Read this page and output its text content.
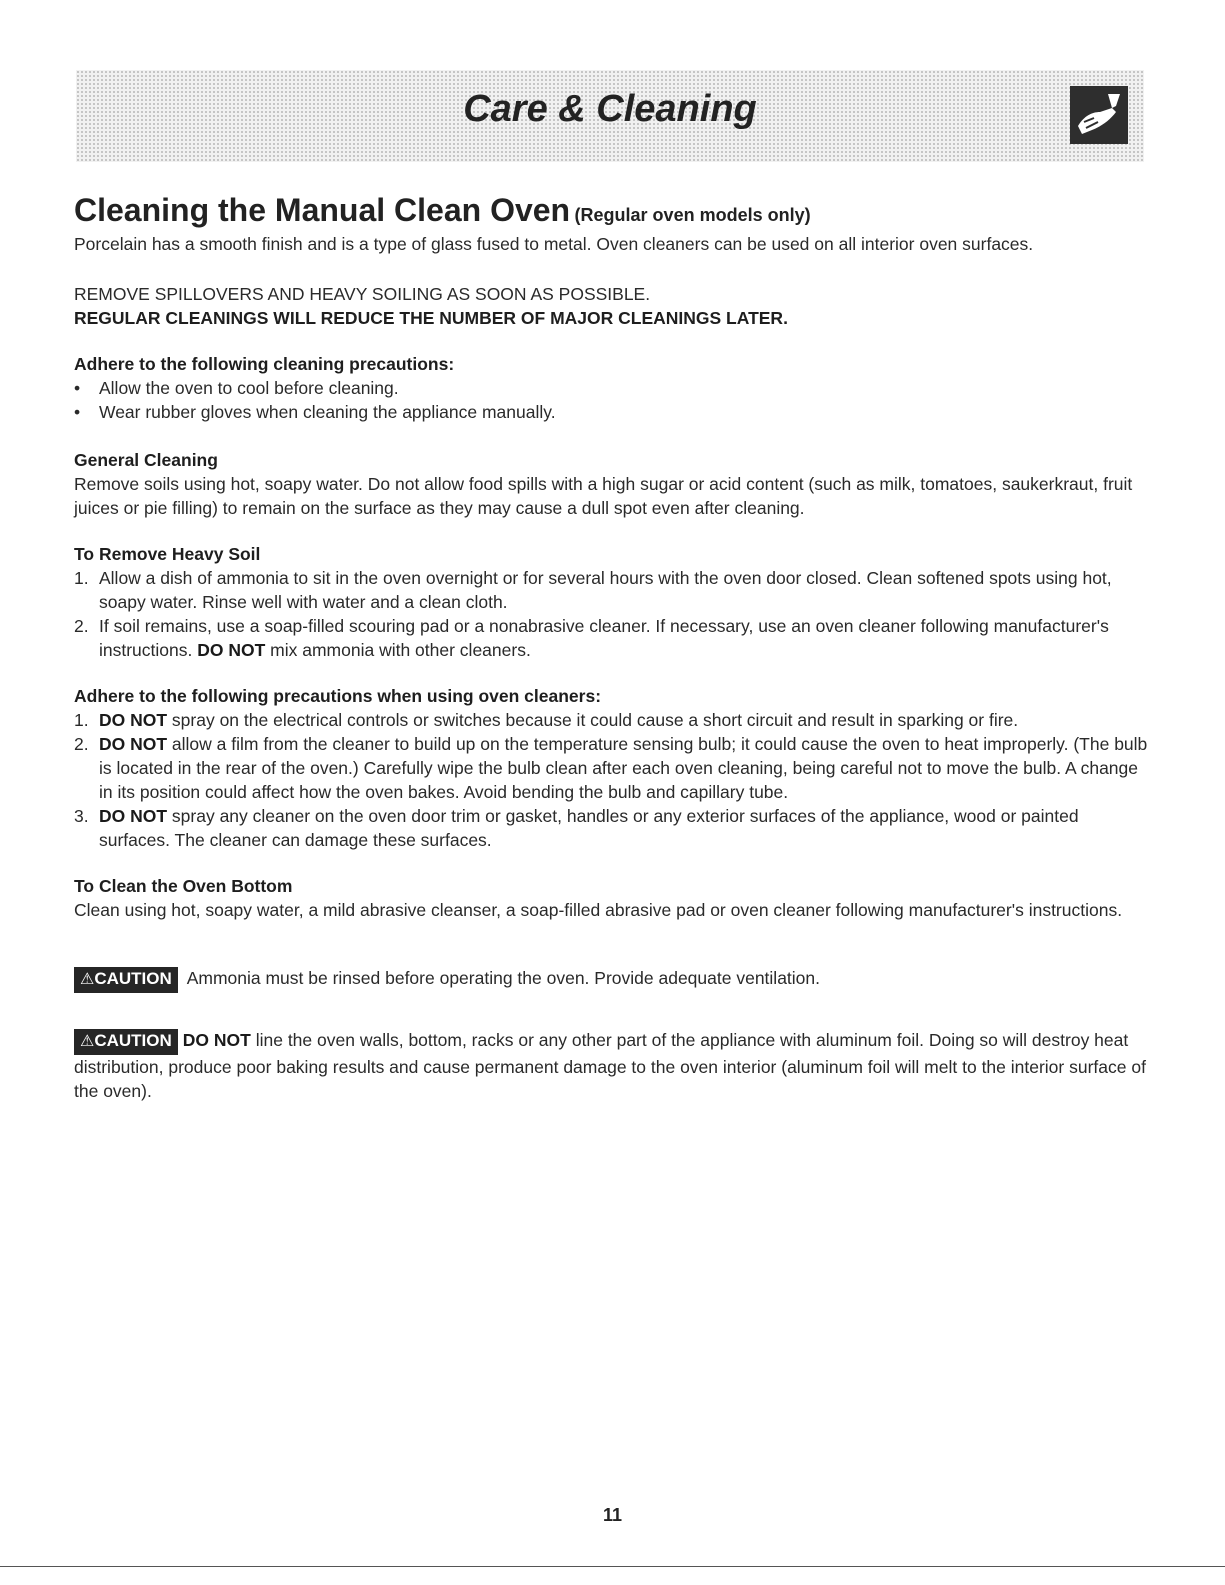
Care & Cleaning
Cleaning the Manual Clean Oven (Regular oven models only)
Porcelain has a smooth finish and is a type of glass fused to metal. Oven cleaners can be used on all interior oven surfaces.
REMOVE SPILLOVERS AND HEAVY SOILING AS SOON AS POSSIBLE.
REGULAR CLEANINGS WILL REDUCE THE NUMBER OF MAJOR CLEANINGS LATER.
Adhere to the following cleaning precautions:
• Allow the oven to cool before cleaning.
• Wear rubber gloves when cleaning the appliance manually.
General Cleaning
Remove soils using hot, soapy water. Do not allow food spills with a high sugar or acid content (such as milk, tomatoes, saukerkraut, fruit juices or pie filling) to remain on the surface as they may cause a dull spot even after cleaning.
To Remove Heavy Soil
1. Allow a dish of ammonia to sit in the oven overnight or for several hours with the oven door closed. Clean softened spots using hot, soapy water. Rinse well with water and a clean cloth.
2. If soil remains, use a soap-filled scouring pad or a nonabrasive cleaner. If necessary, use an oven cleaner following manufacturer's instructions. DO NOT mix ammonia with other cleaners.
Adhere to the following precautions when using oven cleaners:
1. DO NOT spray on the electrical controls or switches because it could cause a short circuit and result in sparking or fire.
2. DO NOT allow a film from the cleaner to build up on the temperature sensing bulb; it could cause the oven to heat improperly. (The bulb is located in the rear of the oven.) Carefully wipe the bulb clean after each oven cleaning, being careful not to move the bulb. A change in its position could affect how the oven bakes. Avoid bending the bulb and capillary tube.
3. DO NOT spray any cleaner on the oven door trim or gasket, handles or any exterior surfaces of the appliance, wood or painted surfaces. The cleaner can damage these surfaces.
To Clean the Oven Bottom
Clean using hot, soapy water, a mild abrasive cleanser, a soap-filled abrasive pad or oven cleaner following manufacturer's instructions.
⚠CAUTION Ammonia must be rinsed before operating the oven. Provide adequate ventilation.
⚠CAUTION DO NOT line the oven walls, bottom, racks or any other part of the appliance with aluminum foil. Doing so will destroy heat distribution, produce poor baking results and cause permanent damage to the oven interior (aluminum foil will melt to the interior surface of the oven).
11
